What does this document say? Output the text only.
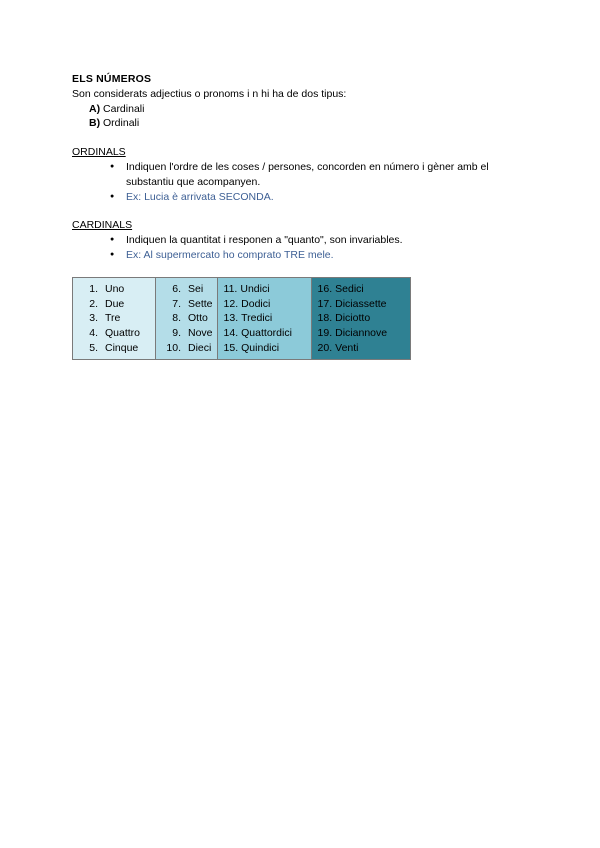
ELS NÚMEROS
Son considerats adjectius o pronoms i n hi ha de dos tipus:
A) Cardinali
B) Ordinali
ORDINALS
● Indiquen l'ordre de les coses / persones, concorden en número i gèner amb el substantiu que acompanyen.
● Ex: Lucia è arrivata SECONDA.
CARDINALS
● Indiquen la quantitat i responen a "quanto", son invariables.
● Ex: Al supermercato ho comprato TRE mele.
1. Uno
2. Due
3. Tre
4. Quattro
5. Cinque

6. Sei
7. Sette
8. Otto
9. Nove
10. Dieci

11. Undici
12. Dodici
13. Tredici
14. Quattordici
15. Quindici

16. Sedici
17. Diciassette
18. Diciotto
19. Diciannove
20. Venti
